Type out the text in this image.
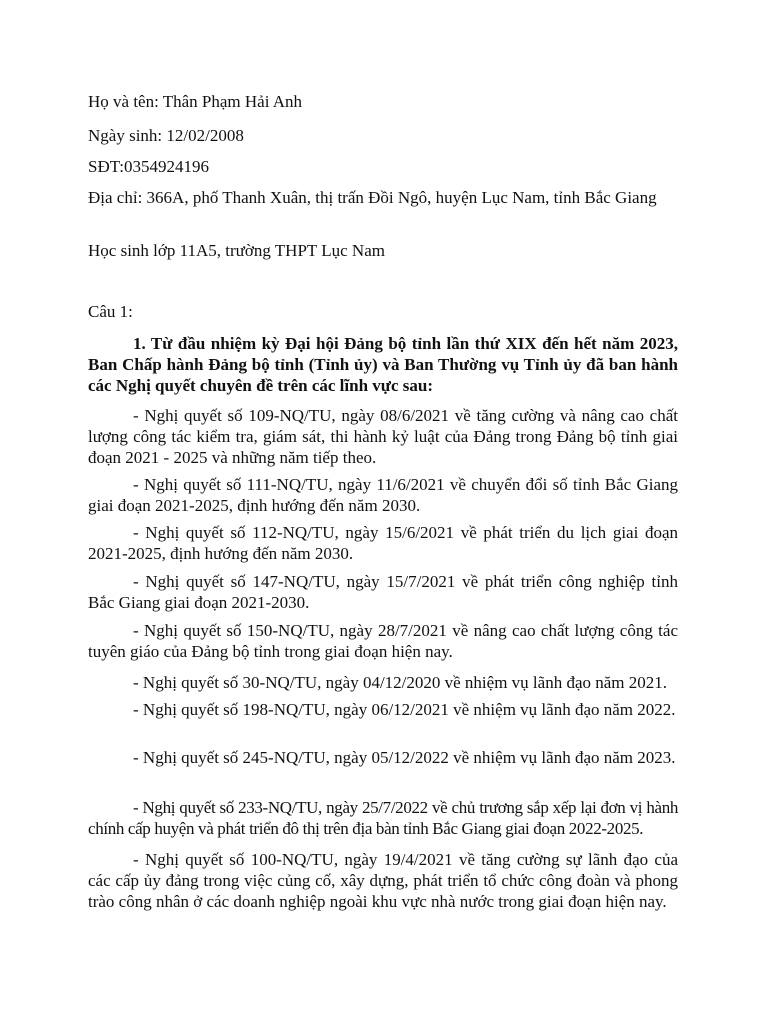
Họ và tên: Thân Phạm Hải Anh
Ngày sinh: 12/02/2008
SĐT:0354924196
Địa chỉ: 366A, phố Thanh Xuân, thị trấn Đồi Ngô, huyện Lục Nam, tỉnh Bắc Giang
Học sinh lớp 11A5, trường THPT Lục Nam
Câu 1:
1. Từ đầu nhiệm kỳ Đại hội Đảng bộ tỉnh lần thứ XIX đến hết năm 2023, Ban Chấp hành Đảng bộ tỉnh (Tỉnh ủy) và Ban Thường vụ Tỉnh ủy đã ban hành các Nghị quyết chuyên đề trên các lĩnh vực sau:
- Nghị quyết số 109-NQ/TU, ngày 08/6/2021 về tăng cường và nâng cao chất lượng công tác kiểm tra, giám sát, thi hành kỷ luật của Đảng trong Đảng bộ tỉnh giai đoạn 2021 - 2025 và những năm tiếp theo.
- Nghị quyết số 111-NQ/TU, ngày 11/6/2021 về chuyển đổi số tỉnh Bắc Giang giai đoạn 2021-2025, định hướng đến năm 2030.
- Nghị quyết số 112-NQ/TU, ngày 15/6/2021 về phát triển du lịch giai đoạn 2021-2025, định hướng đến năm 2030.
- Nghị quyết số 147-NQ/TU, ngày 15/7/2021 về phát triển công nghiệp tỉnh Bắc Giang giai đoạn 2021-2030.
- Nghị quyết số 150-NQ/TU, ngày 28/7/2021 về nâng cao chất lượng công tác tuyên giáo của Đảng bộ tỉnh trong giai đoạn hiện nay.
- Nghị quyết số 30-NQ/TU, ngày 04/12/2020 về nhiệm vụ lãnh đạo năm 2021.
- Nghị quyết số 198-NQ/TU, ngày 06/12/2021 về nhiệm vụ lãnh đạo năm 2022.
- Nghị quyết số 245-NQ/TU, ngày 05/12/2022 về nhiệm vụ lãnh đạo năm 2023.
- Nghị quyết số 233-NQ/TU, ngày 25/7/2022 về chủ trương sắp xếp lại đơn vị hành chính cấp huyện và phát triển đô thị trên địa bàn tỉnh Bắc Giang giai đoạn 2022-2025.
- Nghị quyết số 100-NQ/TU, ngày 19/4/2021 về tăng cường sự lãnh đạo của các cấp ủy đảng trong việc củng cố, xây dựng, phát triển tổ chức công đoàn và phong trào công nhân ở các doanh nghiệp ngoài khu vực nhà nước trong giai đoạn hiện nay.
